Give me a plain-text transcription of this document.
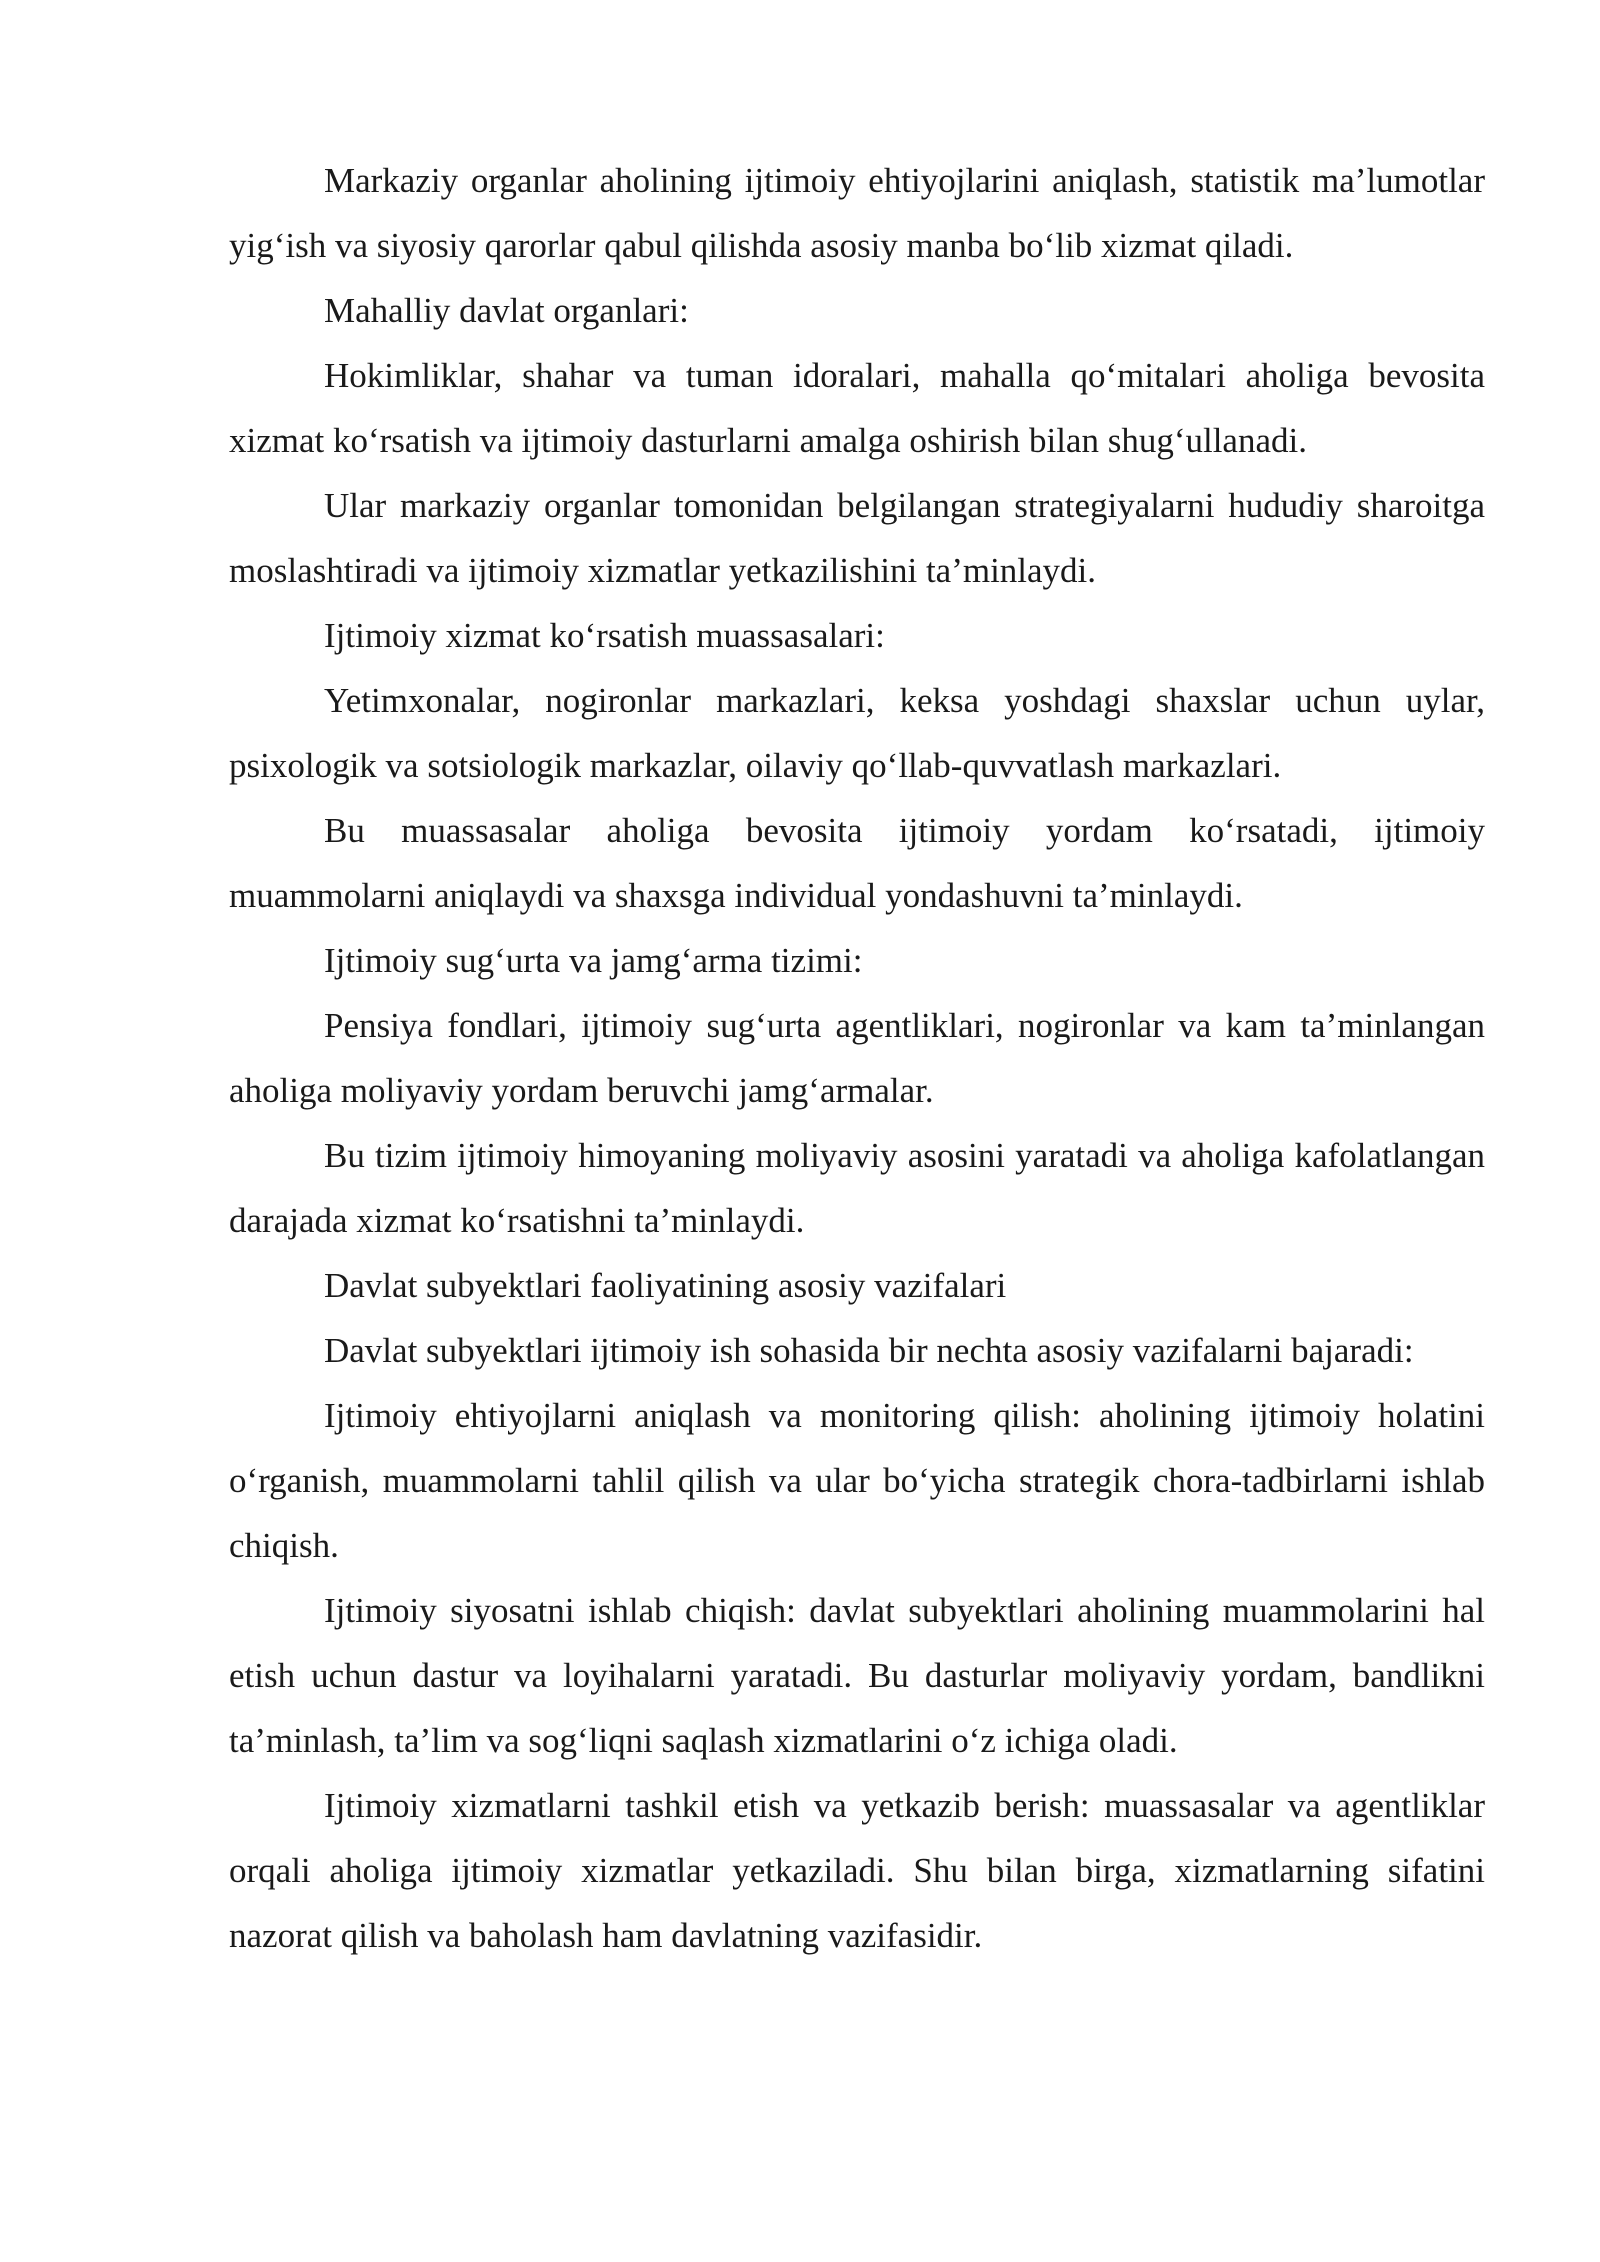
Markaziy organlar aholining ijtimoiy ehtiyojlarini aniqlash, statistik ma’lumotlar yig‘ish va siyosiy qarorlar qabul qilishda asosiy manba bo‘lib xizmat qiladi.

Mahalliy davlat organlari:

Hokimliklar, shahar va tuman idoralari, mahalla qo‘mitalari aholiga bevosita xizmat ko‘rsatish va ijtimoiy dasturlarni amalga oshirish bilan shug‘ullanadi.

Ular markaziy organlar tomonidan belgilangan strategiyalarni hududiy sharoitga moslashtiradi va ijtimoiy xizmatlar yetkazilishini ta’minlaydi.

Ijtimoiy xizmat ko‘rsatish muassasalari:

Yetimxonalar, nogironlar markazlari, keksa yoshdagi shaxslar uchun uylar, psixologik va sotsiologik markazlar, oilaviy qo‘llab-quvvatlash markazlari.

Bu muassasalar aholiga bevosita ijtimoiy yordam ko‘rsatadi, ijtimoiy muammolarni aniqlaydi va shaxsga individual yondashuvni ta’minlaydi.

Ijtimoiy sug‘urta va jamg‘arma tizimi:

Pensiya fondlari, ijtimoiy sug‘urta agentliklari, nogironlar va kam ta’minlangan aholiga moliyaviy yordam beruvchi jamg‘armalar.

Bu tizim ijtimoiy himoyaning moliyaviy asosini yaratadi va aholiga kafolatlangan darajada xizmat ko‘rsatishni ta’minlaydi.

Davlat subyektlari faoliyatining asosiy vazifalari

Davlat subyektlari ijtimoiy ish sohasida bir nechta asosiy vazifalarni bajaradi:

Ijtimoiy ehtiyojlarni aniqlash va monitoring qilish: aholining ijtimoiy holatini o‘rganish, muammolarni tahlil qilish va ular bo‘yicha strategik chora-tadbirlarni ishlab chiqish.

Ijtimoiy siyosatni ishlab chiqish: davlat subyektlari aholining muammolarini hal etish uchun dastur va loyihalarni yaratadi. Bu dasturlar moliyaviy yordam, bandlikni ta’minlash, ta’lim va sog‘liqni saqlash xizmatlarini o‘z ichiga oladi.

Ijtimoiy xizmatlarni tashkil etish va yetkazib berish: muassasalar va agentliklar orqali aholiga ijtimoiy xizmatlar yetkaziladi. Shu bilan birga, xizmatlarning sifatini nazorat qilish va baholash ham davlatning vazifasidir.
